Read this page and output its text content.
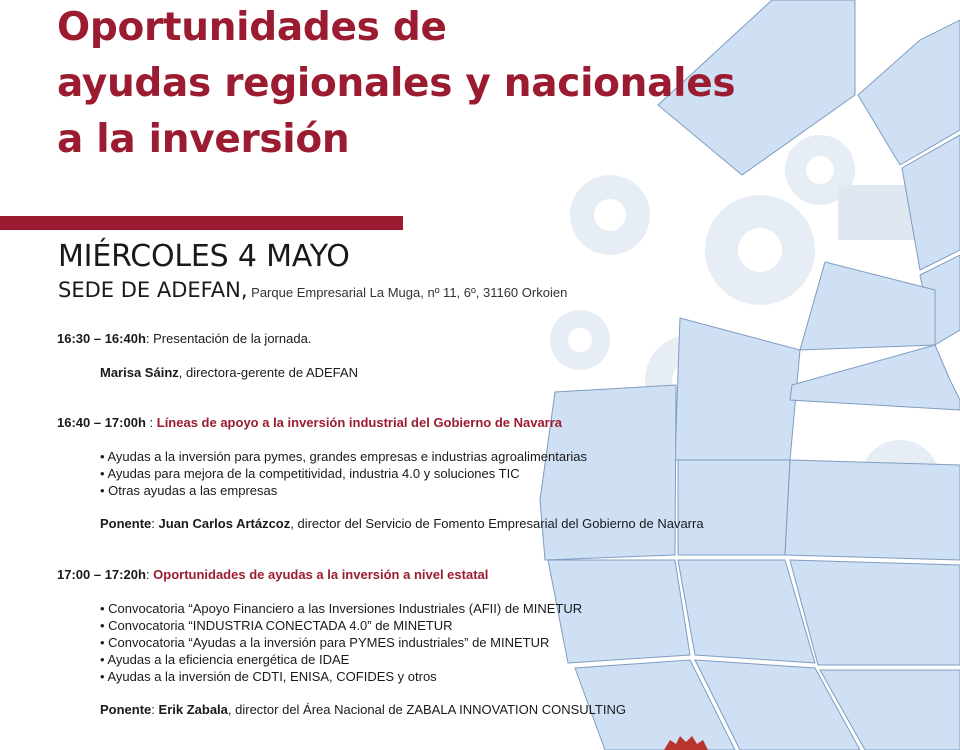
Oportunidades de
ayudas regionales y nacionales
a la inversión
MIÉRCOLES 4 MAYO
SEDE DE ADEFAN, Parque Empresarial La Muga, nº 11, 6º, 31160 Orkoien
16:30 – 16:40h: Presentación de la jornada.
Marisa Sáinz, directora-gerente de ADEFAN
16:40 – 17:00h : Líneas de apoyo a la inversión industrial del Gobierno de Navarra
• Ayudas a la inversión para pymes, grandes empresas e industrias agroalimentarias
• Ayudas para mejora de la competitividad, industria 4.0 y soluciones TIC
• Otras ayudas a las empresas
Ponente: Juan Carlos Artázcoz, director del Servicio de Fomento Empresarial del Gobierno de Navarra
17:00 – 17:20h: Oportunidades de ayudas a la inversión a nivel estatal
• Convocatoria “Apoyo Financiero a las Inversiones Industriales (AFII) de MINETUR
• Convocatoria “INDUSTRIA CONECTADA 4.0” de MINETUR
• Convocatoria “Ayudas a la inversión para PYMES industriales” de MINETUR
• Ayudas a la eficiencia energética de IDAE
• Ayudas a la inversión de CDTI, ENISA, COFIDES y otros
Ponente: Erik Zabala, director del Área Nacional de ZABALA INNOVATION CONSULTING
